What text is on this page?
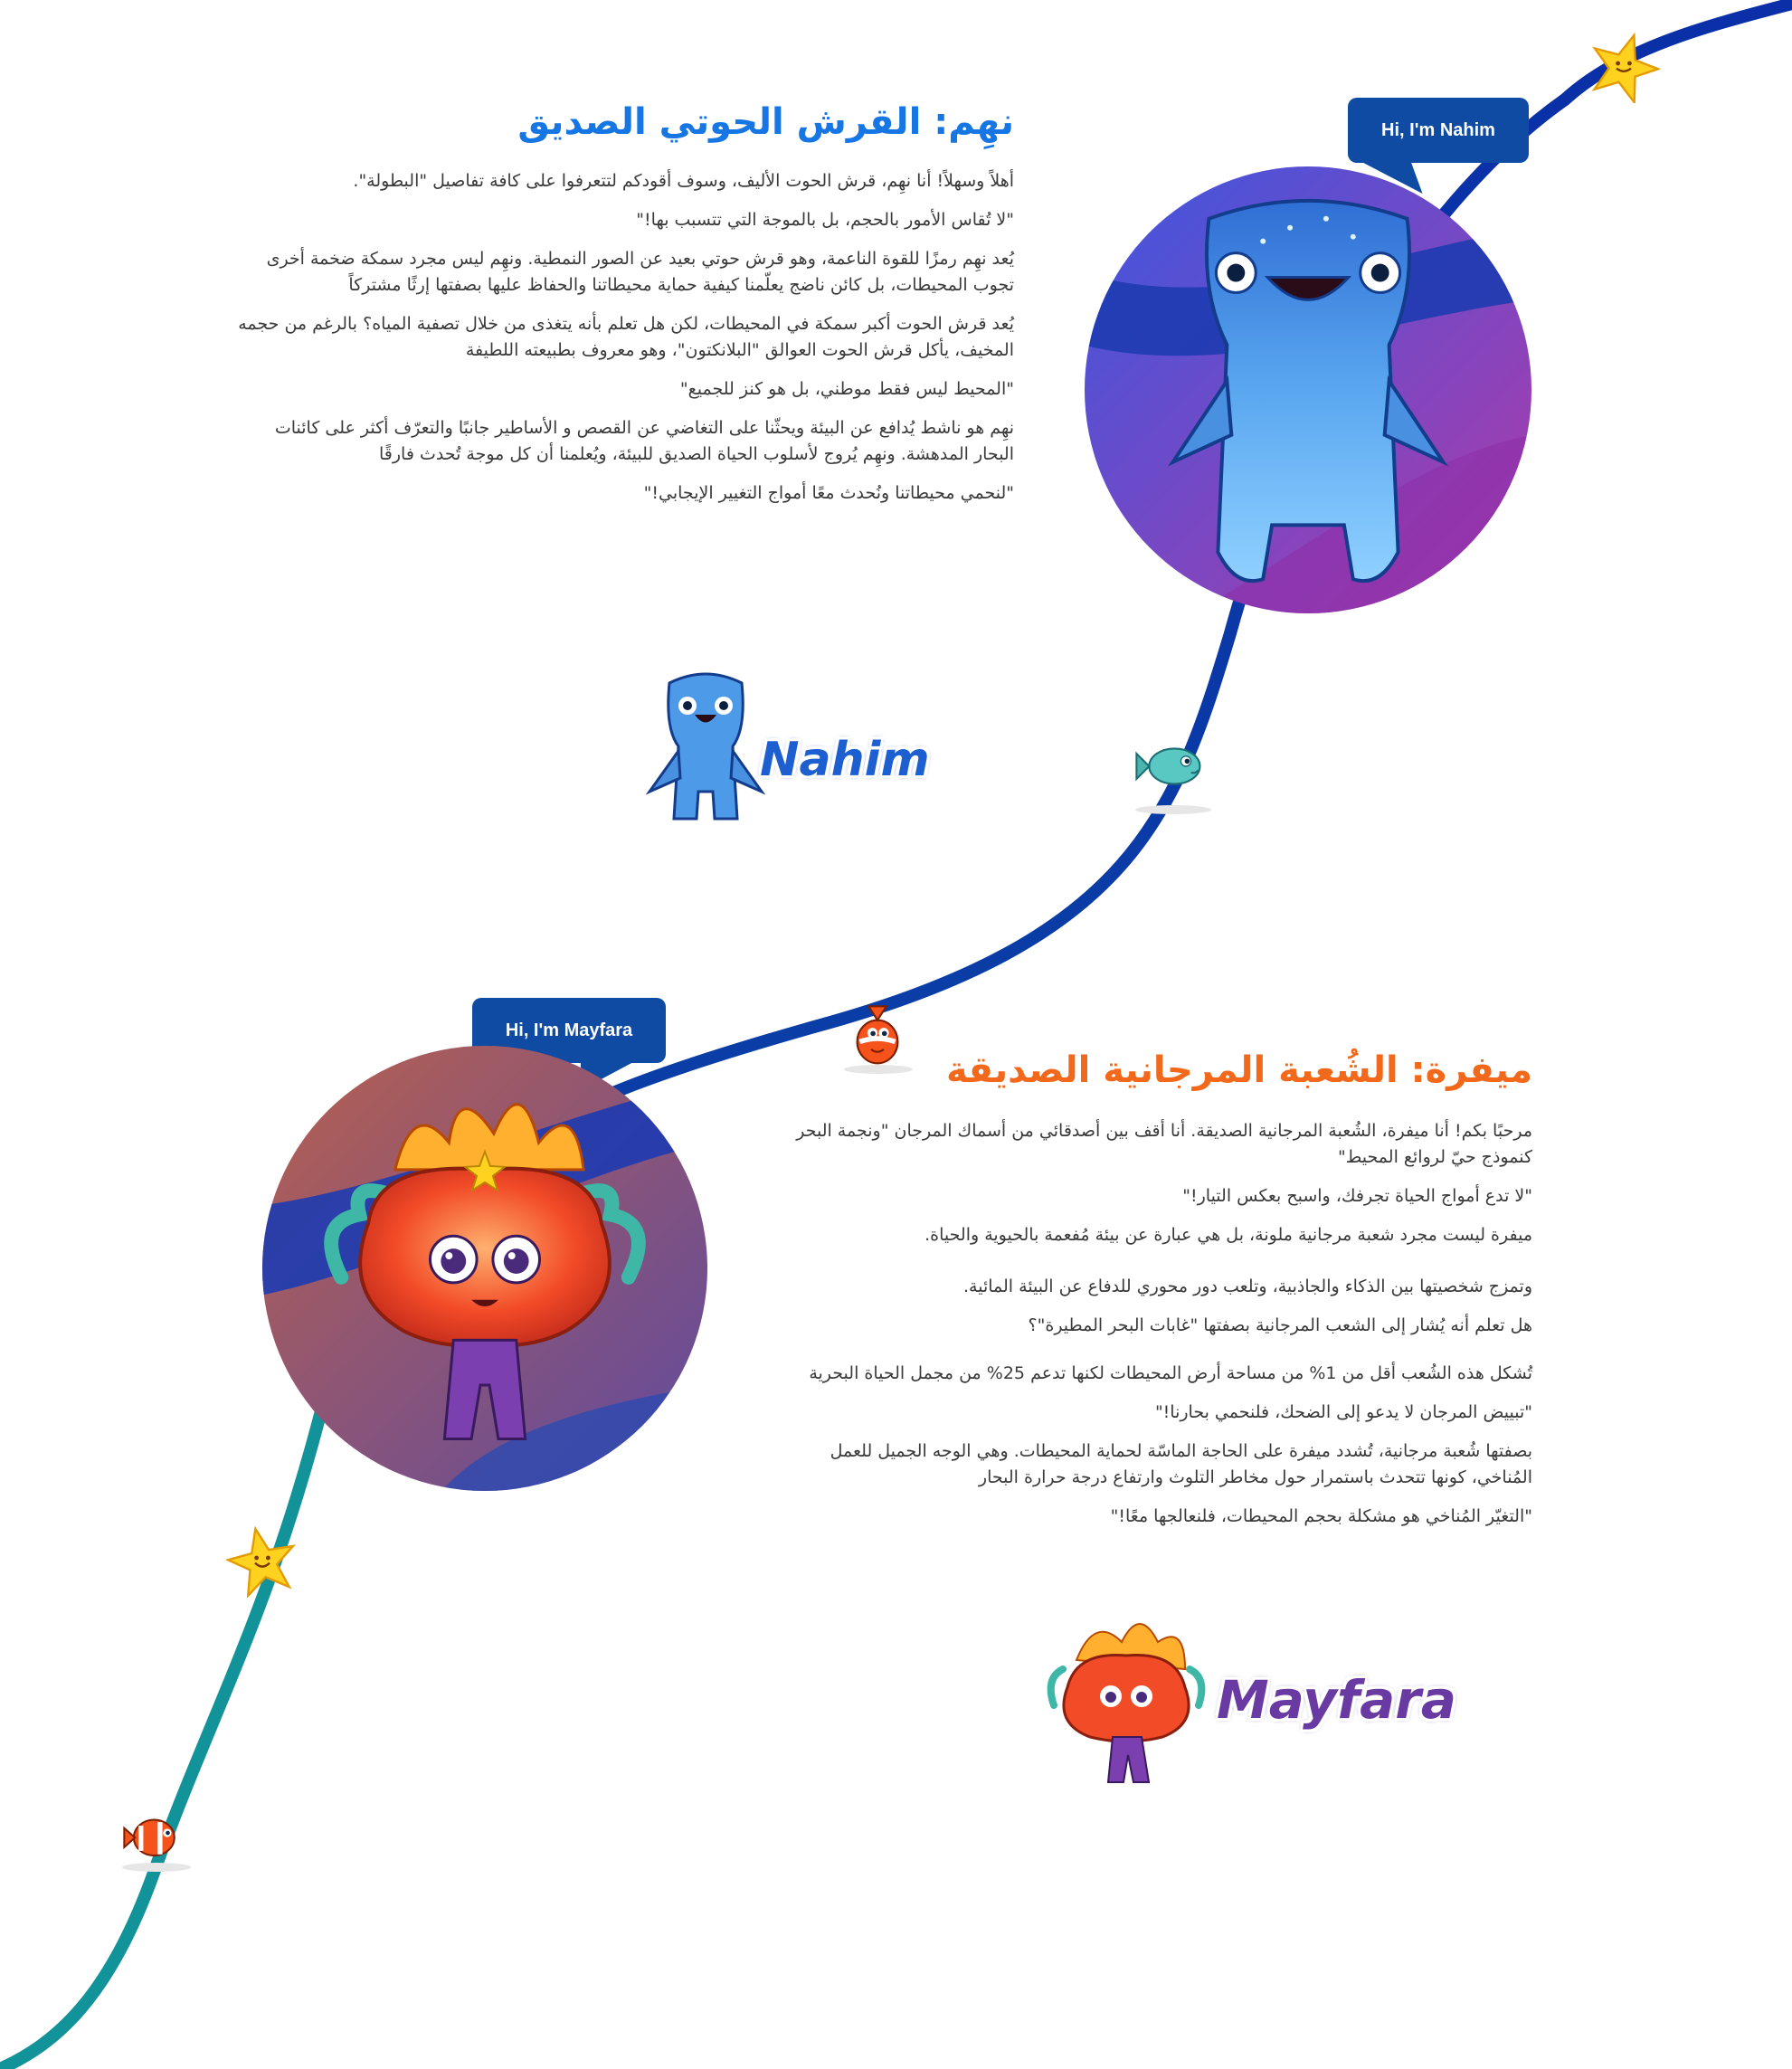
نهِم: القرش الحوتي الصديق

أهلاً وسهلاً! أنا نهِم، قرش الحوت الأليف، وسوف أقودكم لتتعرفوا على كافة تفاصيل "البطولة".

"لا تُقاس الأمور بالحجم، بل بالموجة التي تتسبب بها!"

يُعد نهِم رمزًا للقوة الناعمة، وهو قرش حوتي بعيد عن الصور النمطية. ونهِم ليس مجرد سمكة ضخمة أخرى تجوب المحيطات، بل كائن ناضج يعلّمنا كيفية حماية محيطاتنا والحفاظ عليها بصفتها إرثًا مشتركاً

يُعد قرش الحوت أكبر سمكة في المحيطات، لكن هل تعلم بأنه يتغذى من خلال تصفية المياه؟ بالرغم من حجمه المخيف، يأكل قرش الحوت العوالق "البلانكتون"، وهو معروف بطبيعته اللطيفة

"المحيط ليس فقط موطني، بل هو كنز للجميع"

نهِم هو ناشط يُدافع عن البيئة ويحثّنا على التغاضي عن القصص و الأساطير جانبًا والتعرّف أكثر على كائنات البحار المدهشة. ونهِم يُروج لأسلوب الحياة الصديق للبيئة، ويُعلمنا أن كل موجة تُحدث فارقًا

"لنحمي محيطاتنا ونُحدث معًا أمواج التغيير الإيجابي!"

Hi, I'm Nahim
Nahim
ميفرة: الشُعبة المرجانية الصديقة

مرحبًا بكم! أنا ميفرة، الشُعبة المرجانية الصديقة. أنا أقف بين أصدقائي من أسماك المرجان "ونجمة البحر كنموذج حيّ لروائع المحيط"

"لا تدع أمواج الحياة تجرفك، واسبح بعكس التيار!"

ميفرة ليست مجرد شعبة مرجانية ملونة، بل هي عبارة عن بيئة مُفعمة بالحيوية والحياة.

وتمزج شخصيتها بين الذكاء والجاذبية، وتلعب دور محوري للدفاع عن البيئة المائية.

هل تعلم أنه يُشار إلى الشعب المرجانية بصفتها "غابات البحر المطيرة"؟

تُشكل هذه الشُعب أقل من 1% من مساحة أرض المحيطات لكنها تدعم 25% من مجمل الحياة البحرية

"تبييض المرجان لا يدعو إلى الضحك، فلنحمي بحارنا!"

بصفتها شُعبة مرجانية، تُشدد ميفرة على الحاجة الماسّة لحماية المحيطات. وهي الوجه الجميل للعمل المُناخي، كونها تتحدث باستمرار حول مخاطر التلوث وارتفاع درجة حرارة البحار

"التغيّر المُناخي هو مشكلة بحجم المحيطات، فلنعالجها معًا!"

Hi, I'm Mayfara
Mayfara
